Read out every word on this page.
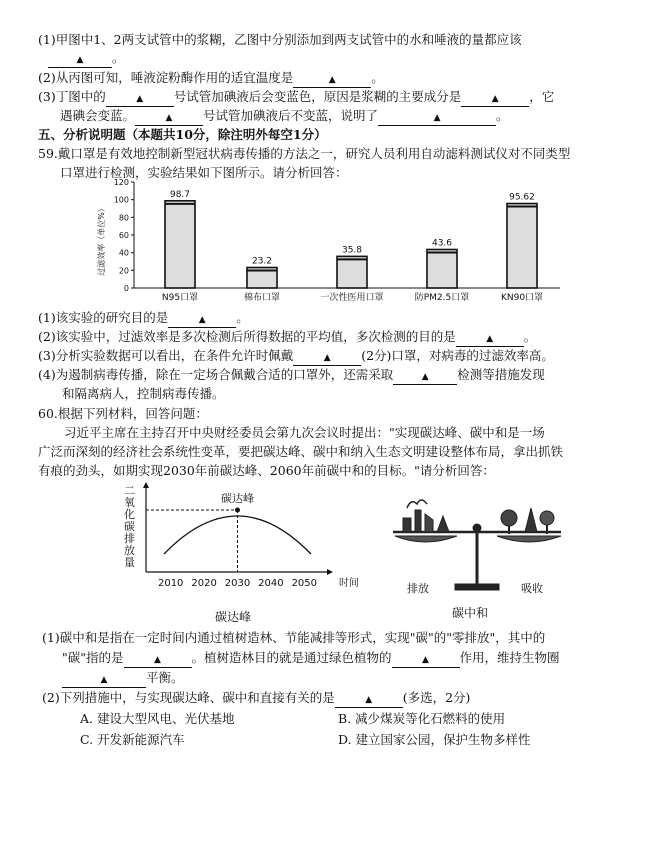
(1)甲图中1、2两支试管中的浆糊，乙图中分别添加到两支试管中的水和唾液的量都应该
▲ 。
(2)从丙图可知，唾液淀粉酶作用的适宜温度是	▲	。
(3)丁图中的	▲ 号试管加碘液后会变蓝色，原因是浆糊的主要成分是	▲ ，它
遇碘会变蓝。	▲ 号试管加碘液后不变蓝，说明了	▲	。
五、分析说明题（本题共10分，除注明外每空1分）
59.戴口罩是有效地控制新型冠状病毒传播的方法之一，研究人员利用自动滤料测试仪对不同类型
口罩进行检测，实验结果如下图所示。请分析回答：
0
20
40
60
80
100
120
过滤效率（单位%）
98.7
N95口罩
23.2
棉布口罩
35.8
一次性医用口罩
43.6
防PM2.5口罩
95.62
KN90口罩
(1)该实验的研究目的是	▲ 。
(2)该实验中，过滤效率是多次检测后所得数据的平均值，多次检测的目的是	▲ 。
(3)分析实验数据可以看出，在条件允许时佩戴	▲ (2分)口罩，对病毒的过滤效率高。
(4)为遏制病毒传播，除在一定场合佩戴合适的口罩外，还需采取	▲ 检测等措施发现
和隔离病人，控制病毒传播。
60.根据下列材料，回答问题：
习近平主席在主持召开中央财经委员会第九次会议时提出："实现碳达峰、碳中和是一场
广泛而深刻的经济社会系统性变革，要把碳达峰、碳中和纳入生态文明建设整体布局，拿出抓铁
有痕的劲头，如期实现2030年前碳达峰、2060年前碳中和的目标。"请分析回答：
二氧化碳排放量
2010 2020 2030 2040 2050 时间
碳达峰
碳达峰
排放	吸收
碳中和
(1)碳中和是指在一定时间内通过植树造林、节能减排等形式，实现"碳"的"零排放"，其中的
"碳"指的是	▲ 。植树造林目的就是通过绿色植物的	▲ 作用，维持生物圈
▲	平衡。
(2)下列措施中，与实现碳达峰、碳中和直接有关的是	▲ (多选，2分)
A. 建设大型风电、光伏基地	B. 减少煤炭等化石燃料的使用
C. 开发新能源汽车	D. 建立国家公园，保护生物多样性
